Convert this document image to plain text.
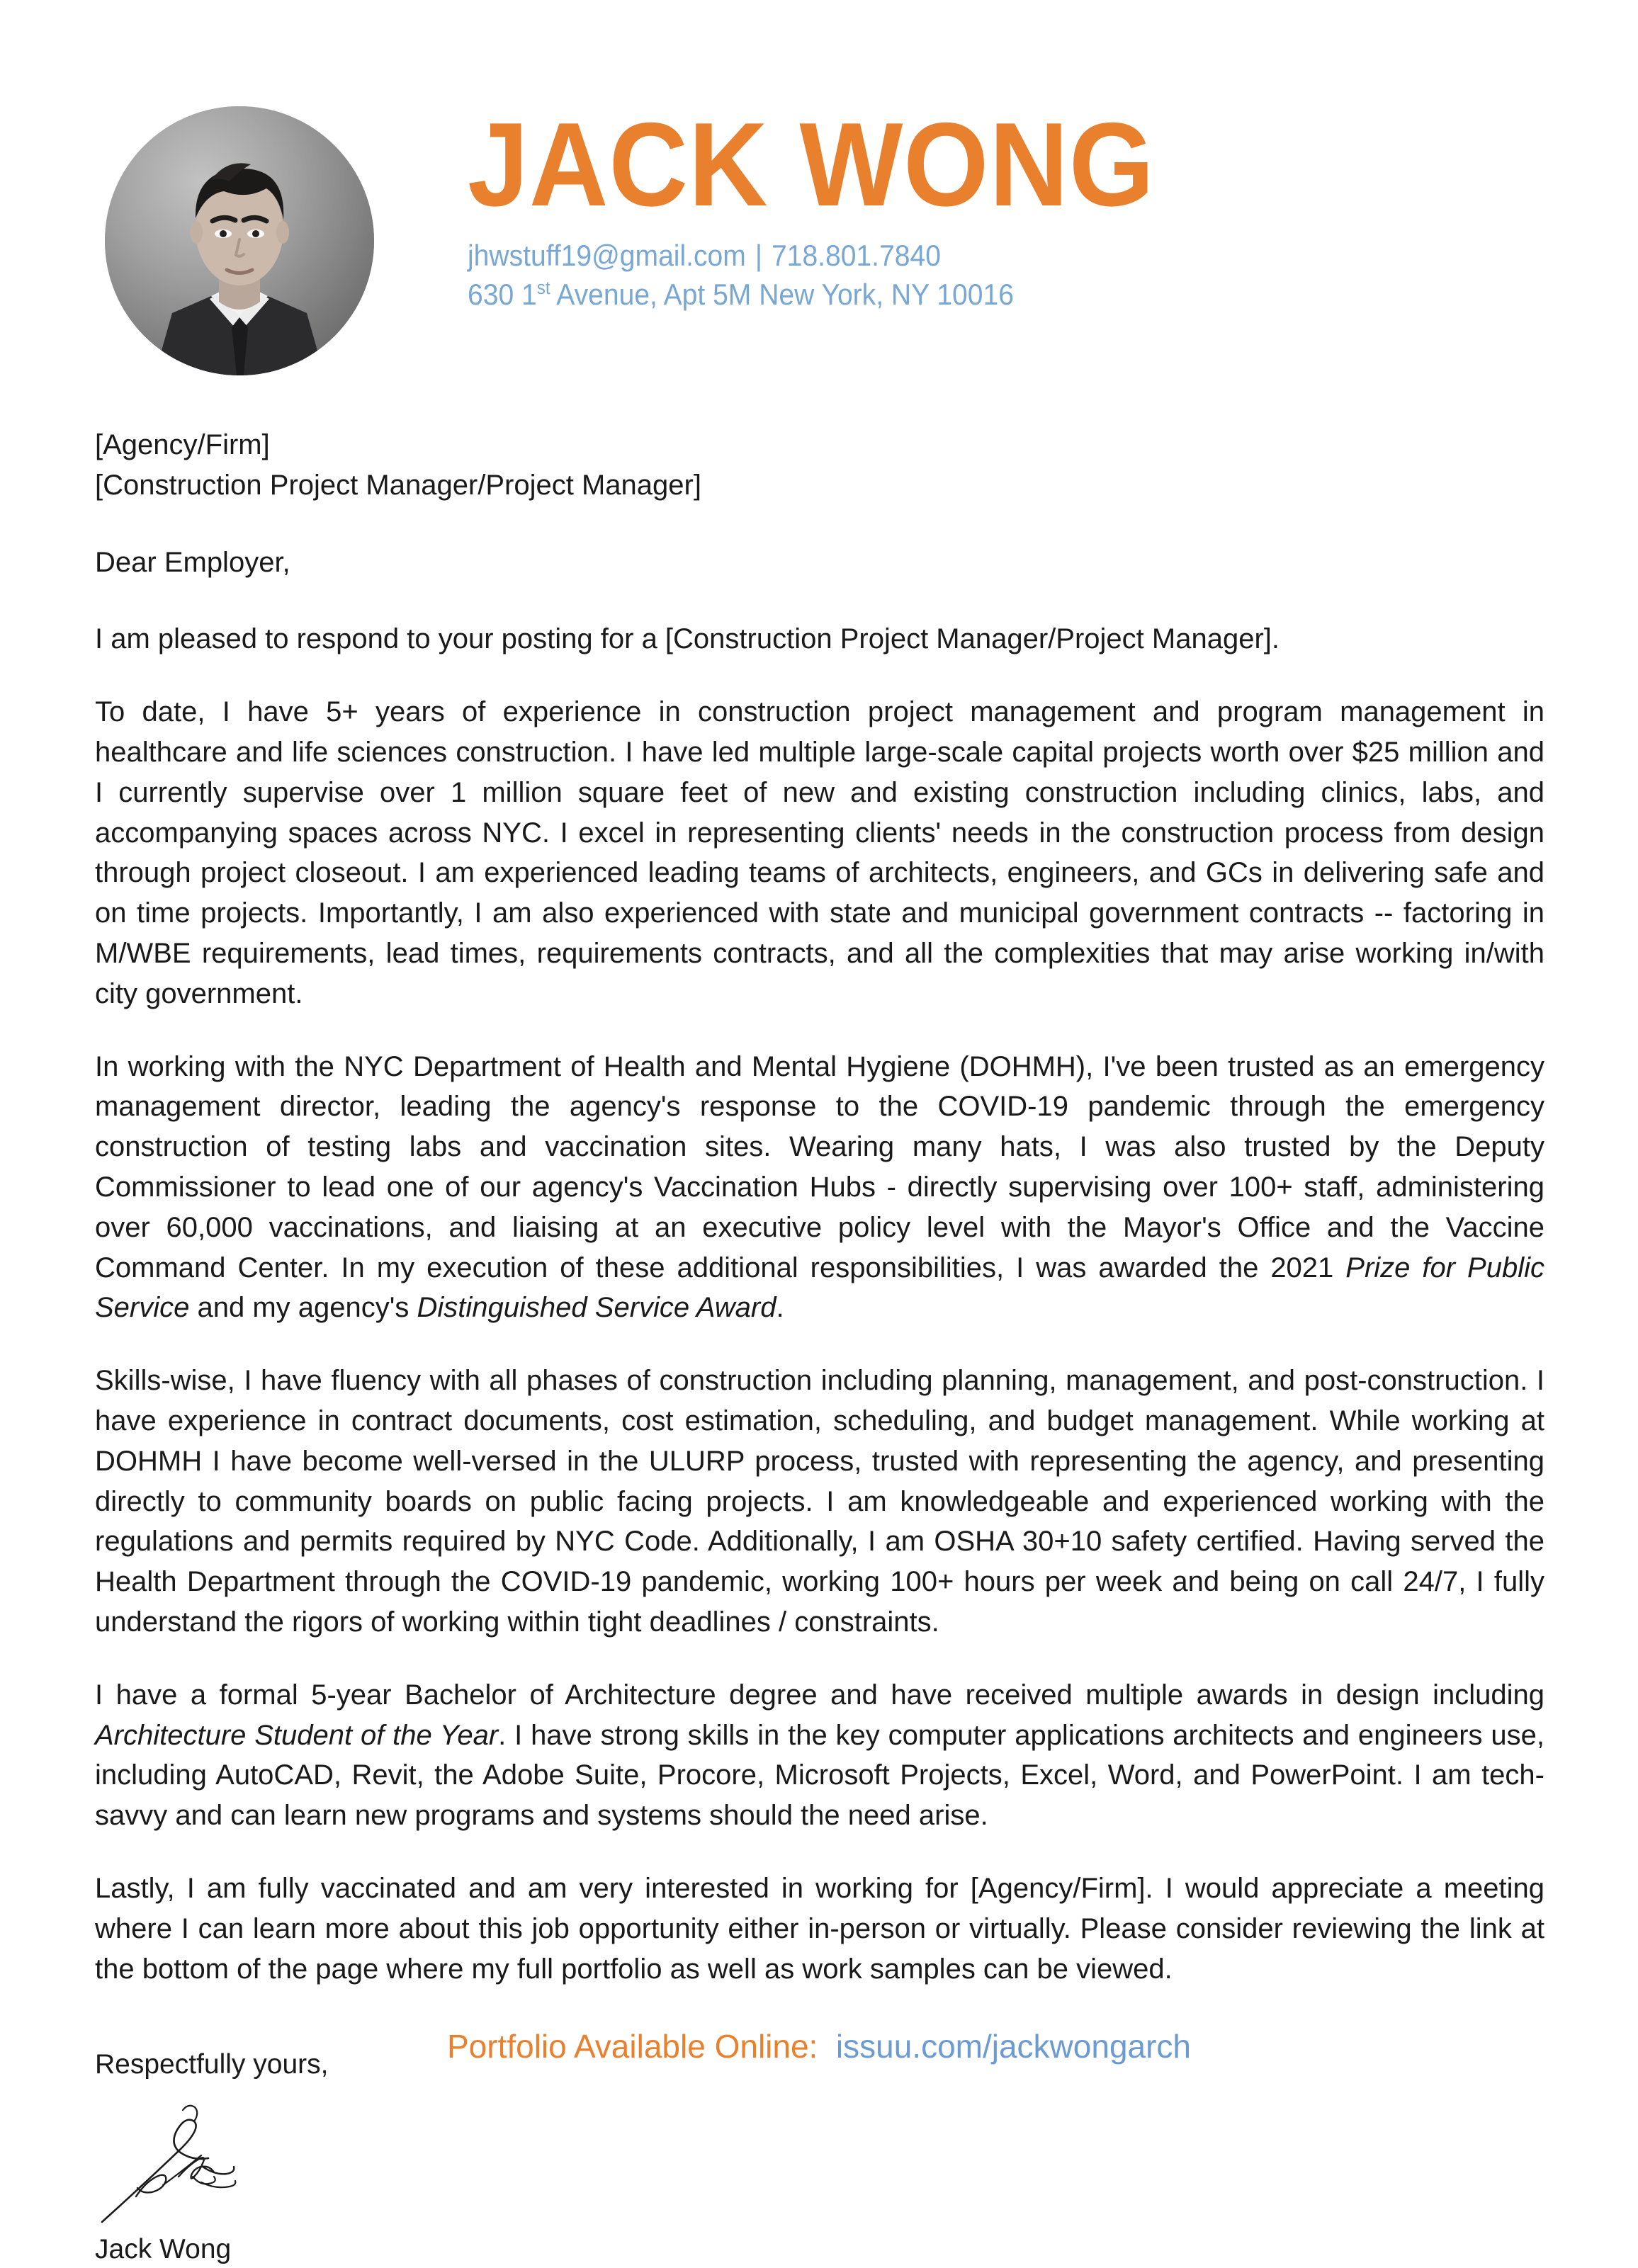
JACK WONG
jhwstuff19@gmail.com | 718.801.7840
630 1st Avenue, Apt 5M New York, NY 10016

[Agency/Firm]

[Construction Project Manager/Project Manager]

Dear Employer,

I am pleased to respond to your posting for a [Construction Project Manager/Project Manager].

To date, I have 5+ years of experience in construction project management and program management in healthcare and life sciences construction. I have led multiple large-scale capital projects worth over $25 million and I currently supervise over 1 million square feet of new and existing construction including clinics, labs, and accompanying spaces across NYC. I excel in representing clients' needs in the construction process from design through project closeout. I am experienced leading teams of architects, engineers, and GCs in delivering safe and on time projects. Importantly, I am also experienced with state and municipal government contracts -- factoring in M/WBE requirements, lead times, requirements contracts, and all the complexities that may arise working in/with city government.

In working with the NYC Department of Health and Mental Hygiene (DOHMH), I've been trusted as an emergency management director, leading the agency's response to the COVID-19 pandemic through the emergency construction of testing labs and vaccination sites. Wearing many hats, I was also trusted by the Deputy Commissioner to lead one of our agency's Vaccination Hubs - directly supervising over 100+ staff, administering over 60,000 vaccinations, and liaising at an executive policy level with the Mayor's Office and the Vaccine Command Center. In my execution of these additional responsibilities, I was awarded the 2021 Prize for Public Service and my agency's Distinguished Service Award.

Skills-wise, I have fluency with all phases of construction including planning, management, and post-construction. I have experience in contract documents, cost estimation, scheduling, and budget management. While working at DOHMH I have become well-versed in the ULURP process, trusted with representing the agency, and presenting directly to community boards on public facing projects. I am knowledgeable and experienced working with the regulations and permits required by NYC Code. Additionally, I am OSHA 30+10 safety certified. Having served the Health Department through the COVID-19 pandemic, working 100+ hours per week and being on call 24/7, I fully understand the rigors of working within tight deadlines / constraints.

I have a formal 5-year Bachelor of Architecture degree and have received multiple awards in design including Architecture Student of the Year. I have strong skills in the key computer applications architects and engineers use, including AutoCAD, Revit, the Adobe Suite, Procore, Microsoft Projects, Excel, Word, and PowerPoint. I am tech-savvy and can learn new programs and systems should the need arise.

Lastly, I am fully vaccinated and am very interested in working for [Agency/Firm]. I would appreciate a meeting where I can learn more about this job opportunity either in-person or virtually. Please consider reviewing the link at the bottom of the page where my full portfolio as well as work samples can be viewed.

Respectfully yours,

Jack Wong

Portfolio Available Online: issuu.com/jackwongarch
